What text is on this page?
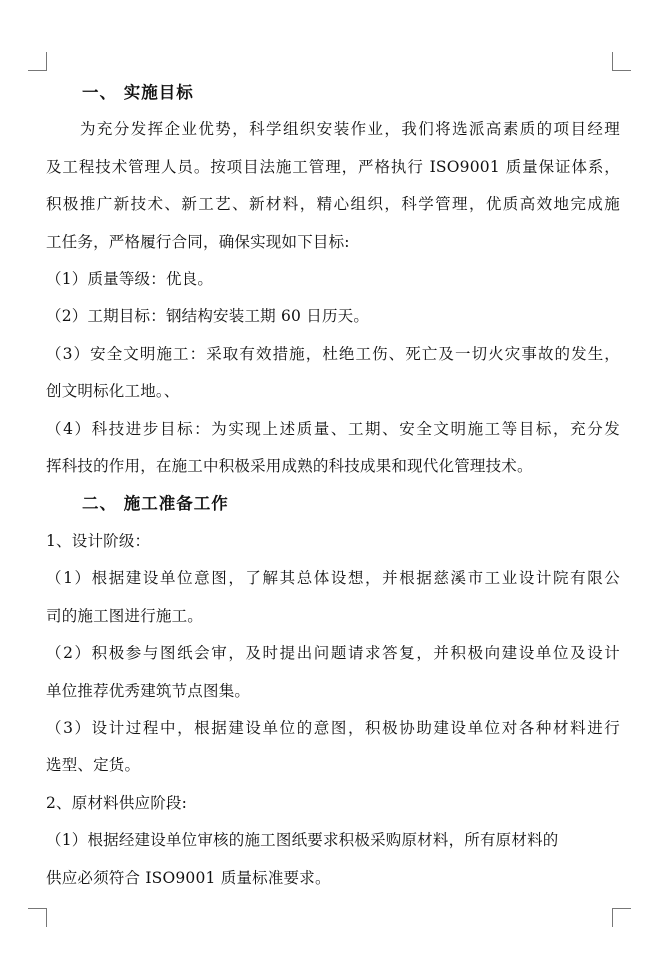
一、 实施目标

为充分发挥企业优势，科学组织安装作业，我们将选派高素质的项目经理

及工程技术管理人员。按项目法施工管理，严格执行 ISO9001 质量保证体系，

积极推广新技术、新工艺、新材料，精心组织，科学管理，优质高效地完成施

工任务，严格履行合同，确保实现如下目标:

（1）质量等级：优良。

（2）工期目标：钢结构安装工期 60 日历天。

（3）安全文明施工：采取有效措施，杜绝工伤、死亡及一切火灾事故的发生，

创文明标化工地。、

（4）科技进步目标：为实现上述质量、工期、安全文明施工等目标，充分发

挥科技的作用，在施工中积极采用成熟的科技成果和现代化管理技术。

二、 施工准备工作

1、设计阶级：

（1）根据建设单位意图，了解其总体设想，并根据慈溪市工业设计院有限公

司的施工图进行施工。

（2）积极参与图纸会审，及时提出问题请求答复，并积极向建设单位及设计

单位推荐优秀建筑节点图集。

（3）设计过程中，根据建设单位的意图，积极协助建设单位对各种材料进行

选型、定货。

2、原材料供应阶段:

（1）根据经建设单位审核的施工图纸要求积极采购原材料，所有原材料的

供应必须符合 ISO9001 质量标准要求。
